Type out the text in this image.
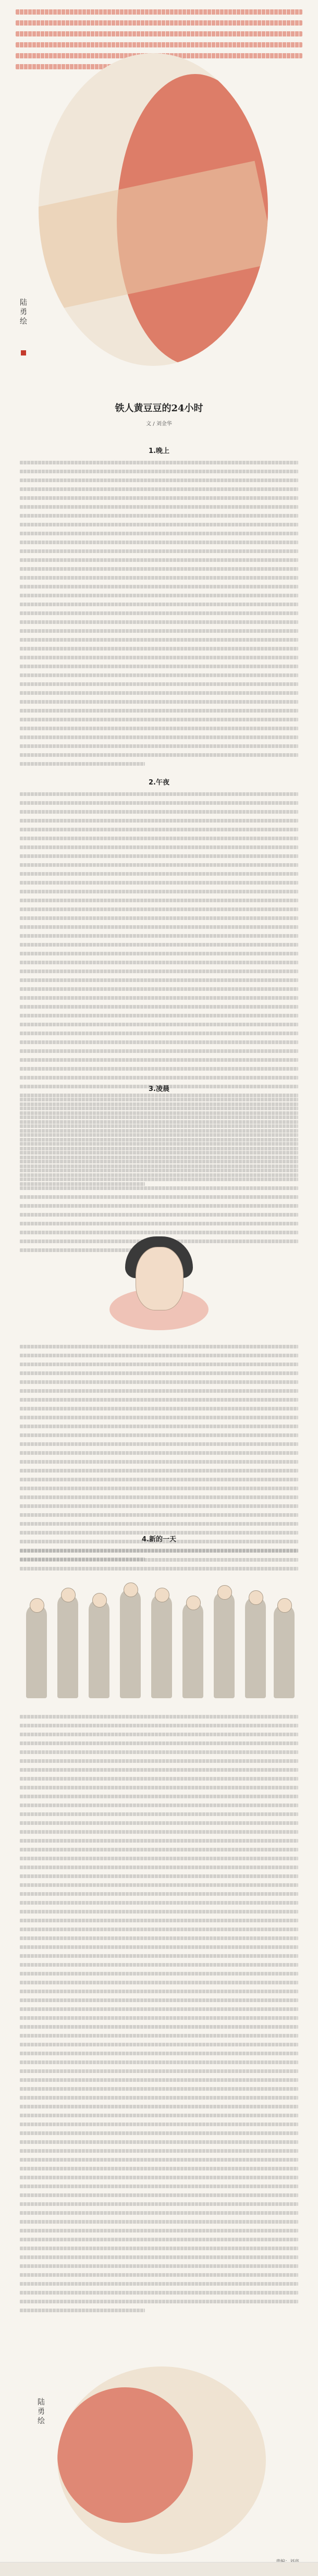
陆勇 绘
铁人黄豆豆的24小时
文 / 刘金华
1.晚上
2.午夜
3.凌晨
4.新的一天
陆勇 绘
